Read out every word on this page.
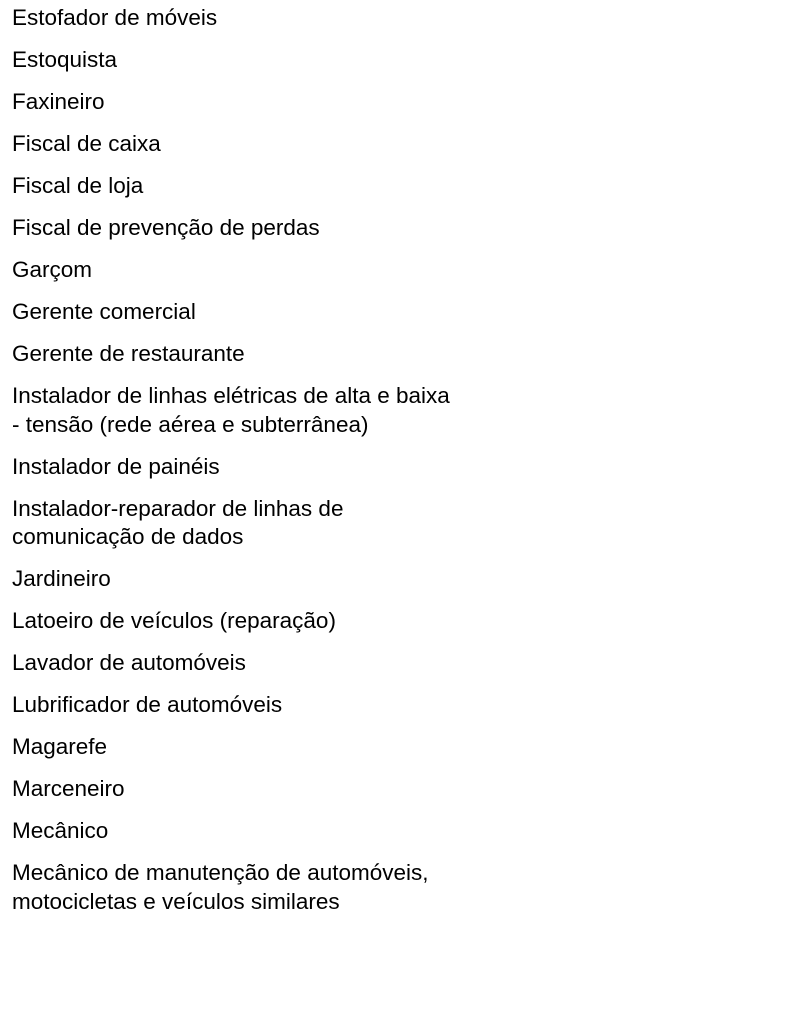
Estofador de móveis
Estoquista
Faxineiro
Fiscal de caixa
Fiscal de loja
Fiscal de prevenção de perdas
Garçom
Gerente comercial
Gerente de restaurante
Instalador de linhas elétricas de alta e baixa - tensão (rede aérea e subterrânea)
Instalador de painéis
Instalador-reparador de linhas de comunicação de dados
Jardineiro
Latoeiro de veículos (reparação)
Lavador de automóveis
Lubrificador de automóveis
Magarefe
Marceneiro
Mecânico
Mecânico de manutenção de automóveis, motocicletas e veículos similares
